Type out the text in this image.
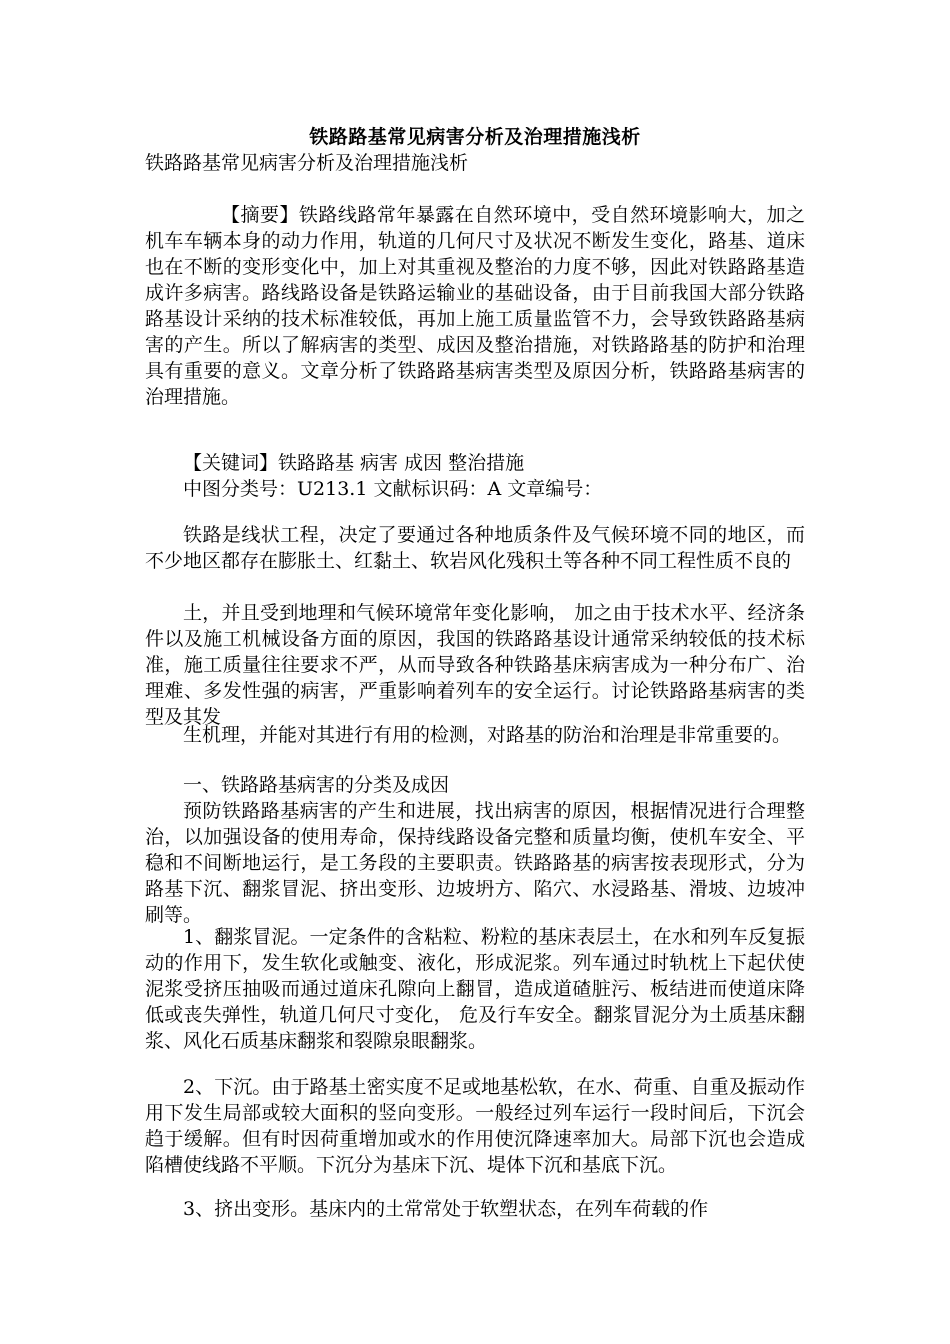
铁路路基常见病害分析及治理措施浅析

铁路路基常见病害分析及治理措施浅析

【摘要】铁路线路常年暴露在自然环境中，受自然环境影响大，加之机车车辆本身的动力作用，轨道的几何尺寸及状况不断发生变化，路基、道床也在不断的变形变化中，加上对其重视及整治的力度不够，因此对铁路路基造成许多病害。路线路设备是铁路运输业的基础设备，由于目前我国大部分铁路路基设计采纳的技术标准较低，再加上施工质量监管不力，会导致铁路路基病害的产生。所以了解病害的类型、成因及整治措施，对铁路路基的防护和治理具有重要的意义。文章分析了铁路路基病害类型及原因分析，铁路路基病害的治理措施。

【关键词】铁路路基 病害 成因 整治措施

中图分类号：U213.1 文献标识码：A 文章编号：

铁路是线状工程，决定了要通过各种地质条件及气候环境不同的地区，而不少地区都存在膨胀土、红黏土、软岩风化残积土等各种不同工程性质不良的

土，并且受到地理和气候环境常年变化影响， 加之由于技术水平、经济条件以及施工机械设备方面的原因，我国的铁路路基设计通常采纳较低的技术标准，施工质量往往要求不严，从而导致各种铁路基床病害成为一种分布广、治理难、多发性强的病害，严重影响着列车的安全运行。讨论铁路路基病害的类型及其发

生机理，并能对其进行有用的检测，对路基的防治和治理是非常重要的。

一、铁路路基病害的分类及成因

预防铁路路基病害的产生和进展，找出病害的原因，根据情况进行合理整治，以加强设备的使用寿命，保持线路设备完整和质量均衡，使机车安全、平稳和不间断地运行，是工务段的主要职责。铁路路基的病害按表现形式，分为路基下沉、翻浆冒泥、挤出变形、边坡坍方、陷穴、水浸路基、滑坡、边坡冲刷等。

1、翻浆冒泥。一定条件的含粘粒、粉粒的基床表层土，在水和列车反复振动的作用下，发生软化或触变、液化，形成泥浆。列车通过时轨枕上下起伏使泥浆受挤压抽吸而通过道床孔隙向上翻冒，造成道碴脏污、板结进而使道床降低或丧失弹性，轨道几何尺寸变化， 危及行车安全。翻浆冒泥分为土质基床翻浆、风化石质基床翻浆和裂隙泉眼翻浆。

2、下沉。由于路基土密实度不足或地基松软，在水、荷重、自重及振动作用下发生局部或较大面积的竖向变形。一般经过列车运行一段时间后，下沉会趋于缓解。但有时因荷重增加或水的作用使沉降速率加大。局部下沉也会造成陷槽使线路不平顺。下沉分为基床下沉、堤体下沉和基底下沉。

3、挤出变形。基床内的土常常处于软塑状态，在列车荷载的作
